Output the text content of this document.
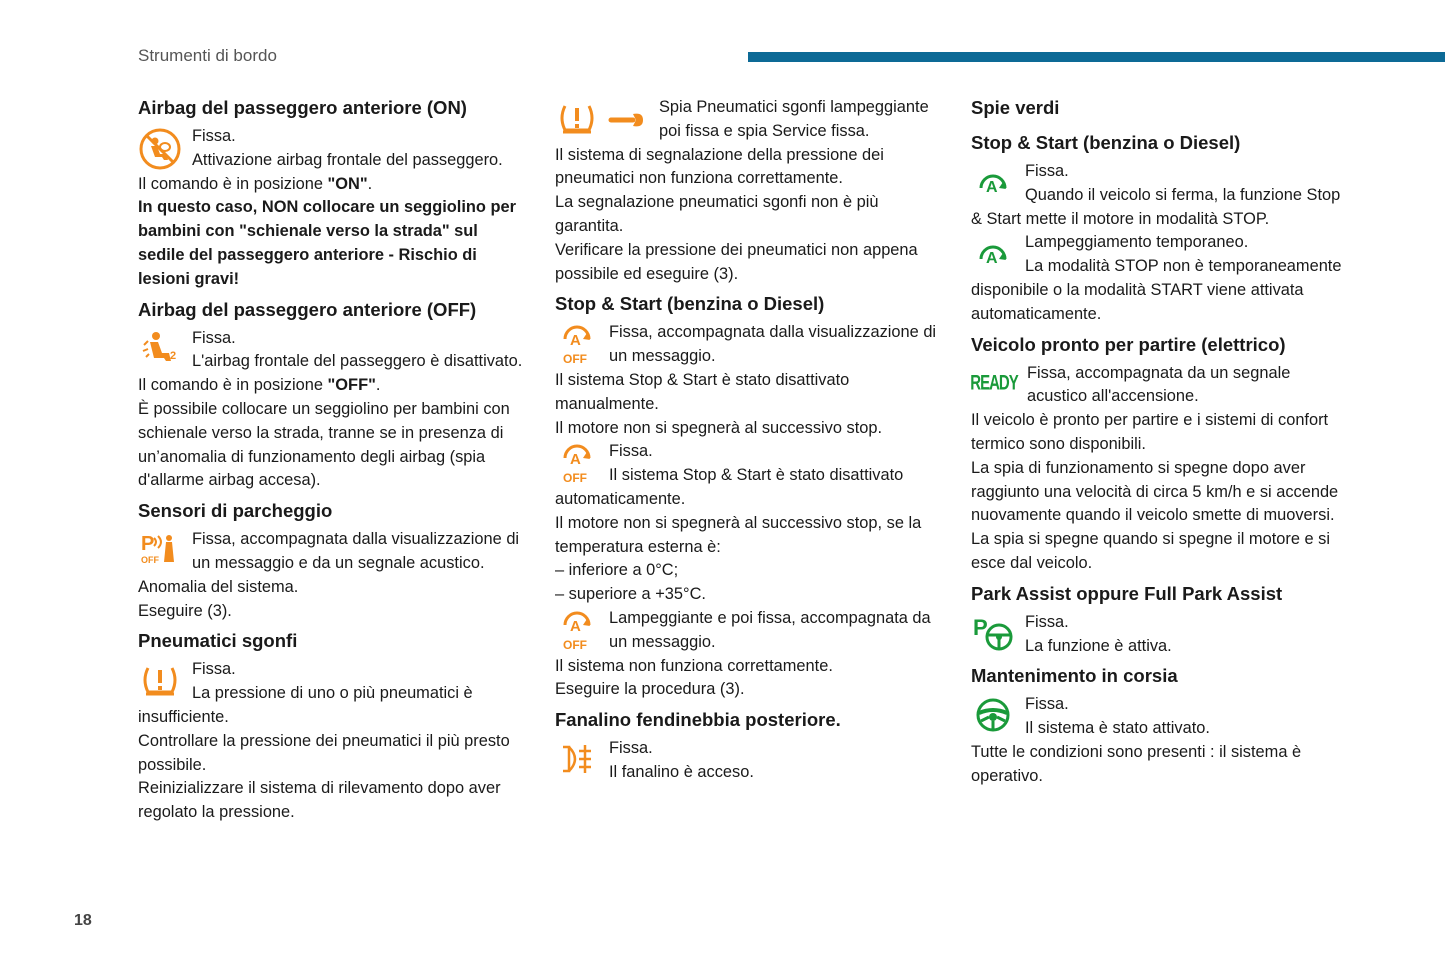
Strumenti di bordo
Airbag del passeggero anteriore (ON)

Fissa.

Attivazione airbag frontale del passeggero.

Il comando è in posizione "ON".

In questo caso, NON collocare un seggiolino per bambini con "schienale verso la strada" sul sedile del passeggero anteriore - Rischio di lesioni gravi!

Airbag del passeggero anteriore (OFF)
2

Fissa.

L'airbag frontale del passeggero è disattivato.

Il comando è in posizione "OFF".

È possibile collocare un seggiolino per bambini con schienale verso la strada, tranne se in presenza di un’anomalia di funzionamento degli airbag (spia d'allarme airbag accesa).

Sensori di parcheggio
P
OFF

Fissa, accompagnata dalla visualizzazione di un messaggio e da un segnale acustico.

Anomalia del sistema.

Eseguire (3).

Pneumatici sgonfi

Fissa.

La pressione di uno o più pneumatici è insufficiente.

Controllare la pressione dei pneumatici il più presto possibile.

Reinizializzare il sistema di rilevamento dopo aver regolato la pressione.

Spia Pneumatici sgonfi lampeggiante poi fissa e spia Service fissa.

Il sistema di segnalazione della pressione dei pneumatici non funziona correttamente.

La segnalazione pneumatici sgonfi non è più garantita.

Verificare la pressione dei pneumatici non appena possibile ed eseguire (3).

Stop & Start (benzina o Diesel)
A
OFF

Fissa, accompagnata dalla visualizzazione di un messaggio.

Il sistema Stop & Start è stato disattivato manualmente.

Il motore non si spegnerà al successivo stop.

A
OFF

Fissa.

Il sistema Stop & Start è stato disattivato automaticamente.

Il motore non si spegnerà al successivo stop, se la temperatura esterna è:

– inferiore a 0°C;

– superiore a +35°C.

A
OFF

Lampeggiante e poi fissa, accompagnata da un messaggio.

Il sistema non funziona correttamente.

Eseguire la procedura (3).

Fanalino fendinebbia posteriore.

Fissa.

Il fanalino è acceso.

Spie verdi
Stop & Start (benzina o Diesel)
A

Fissa.

Quando il veicolo si ferma, la funzione Stop & Start mette il motore in modalità STOP.

A

Lampeggiamento temporaneo.

La modalità STOP non è temporaneamente disponibile o la modalità START viene attivata automaticamente.

Veicolo pronto per partire (elettrico)
READY Fissa, accompagnata da un segnale acustico all'accensione.

Il veicolo è pronto per partire e i sistemi di confort termico sono disponibili.

La spia di funzionamento si spegne dopo aver raggiunto una velocità di circa 5 km/h e si accende nuovamente quando il veicolo smette di muoversi.

La spia si spegne quando si spegne il motore e si esce dal veicolo.

Park Assist oppure Full Park Assist
P	Fissa.

La funzione è attiva.

Mantenimento in corsia

Fissa.

Il sistema è stato attivato.

Tutte le condizioni sono presenti : il sistema è operativo.

18
